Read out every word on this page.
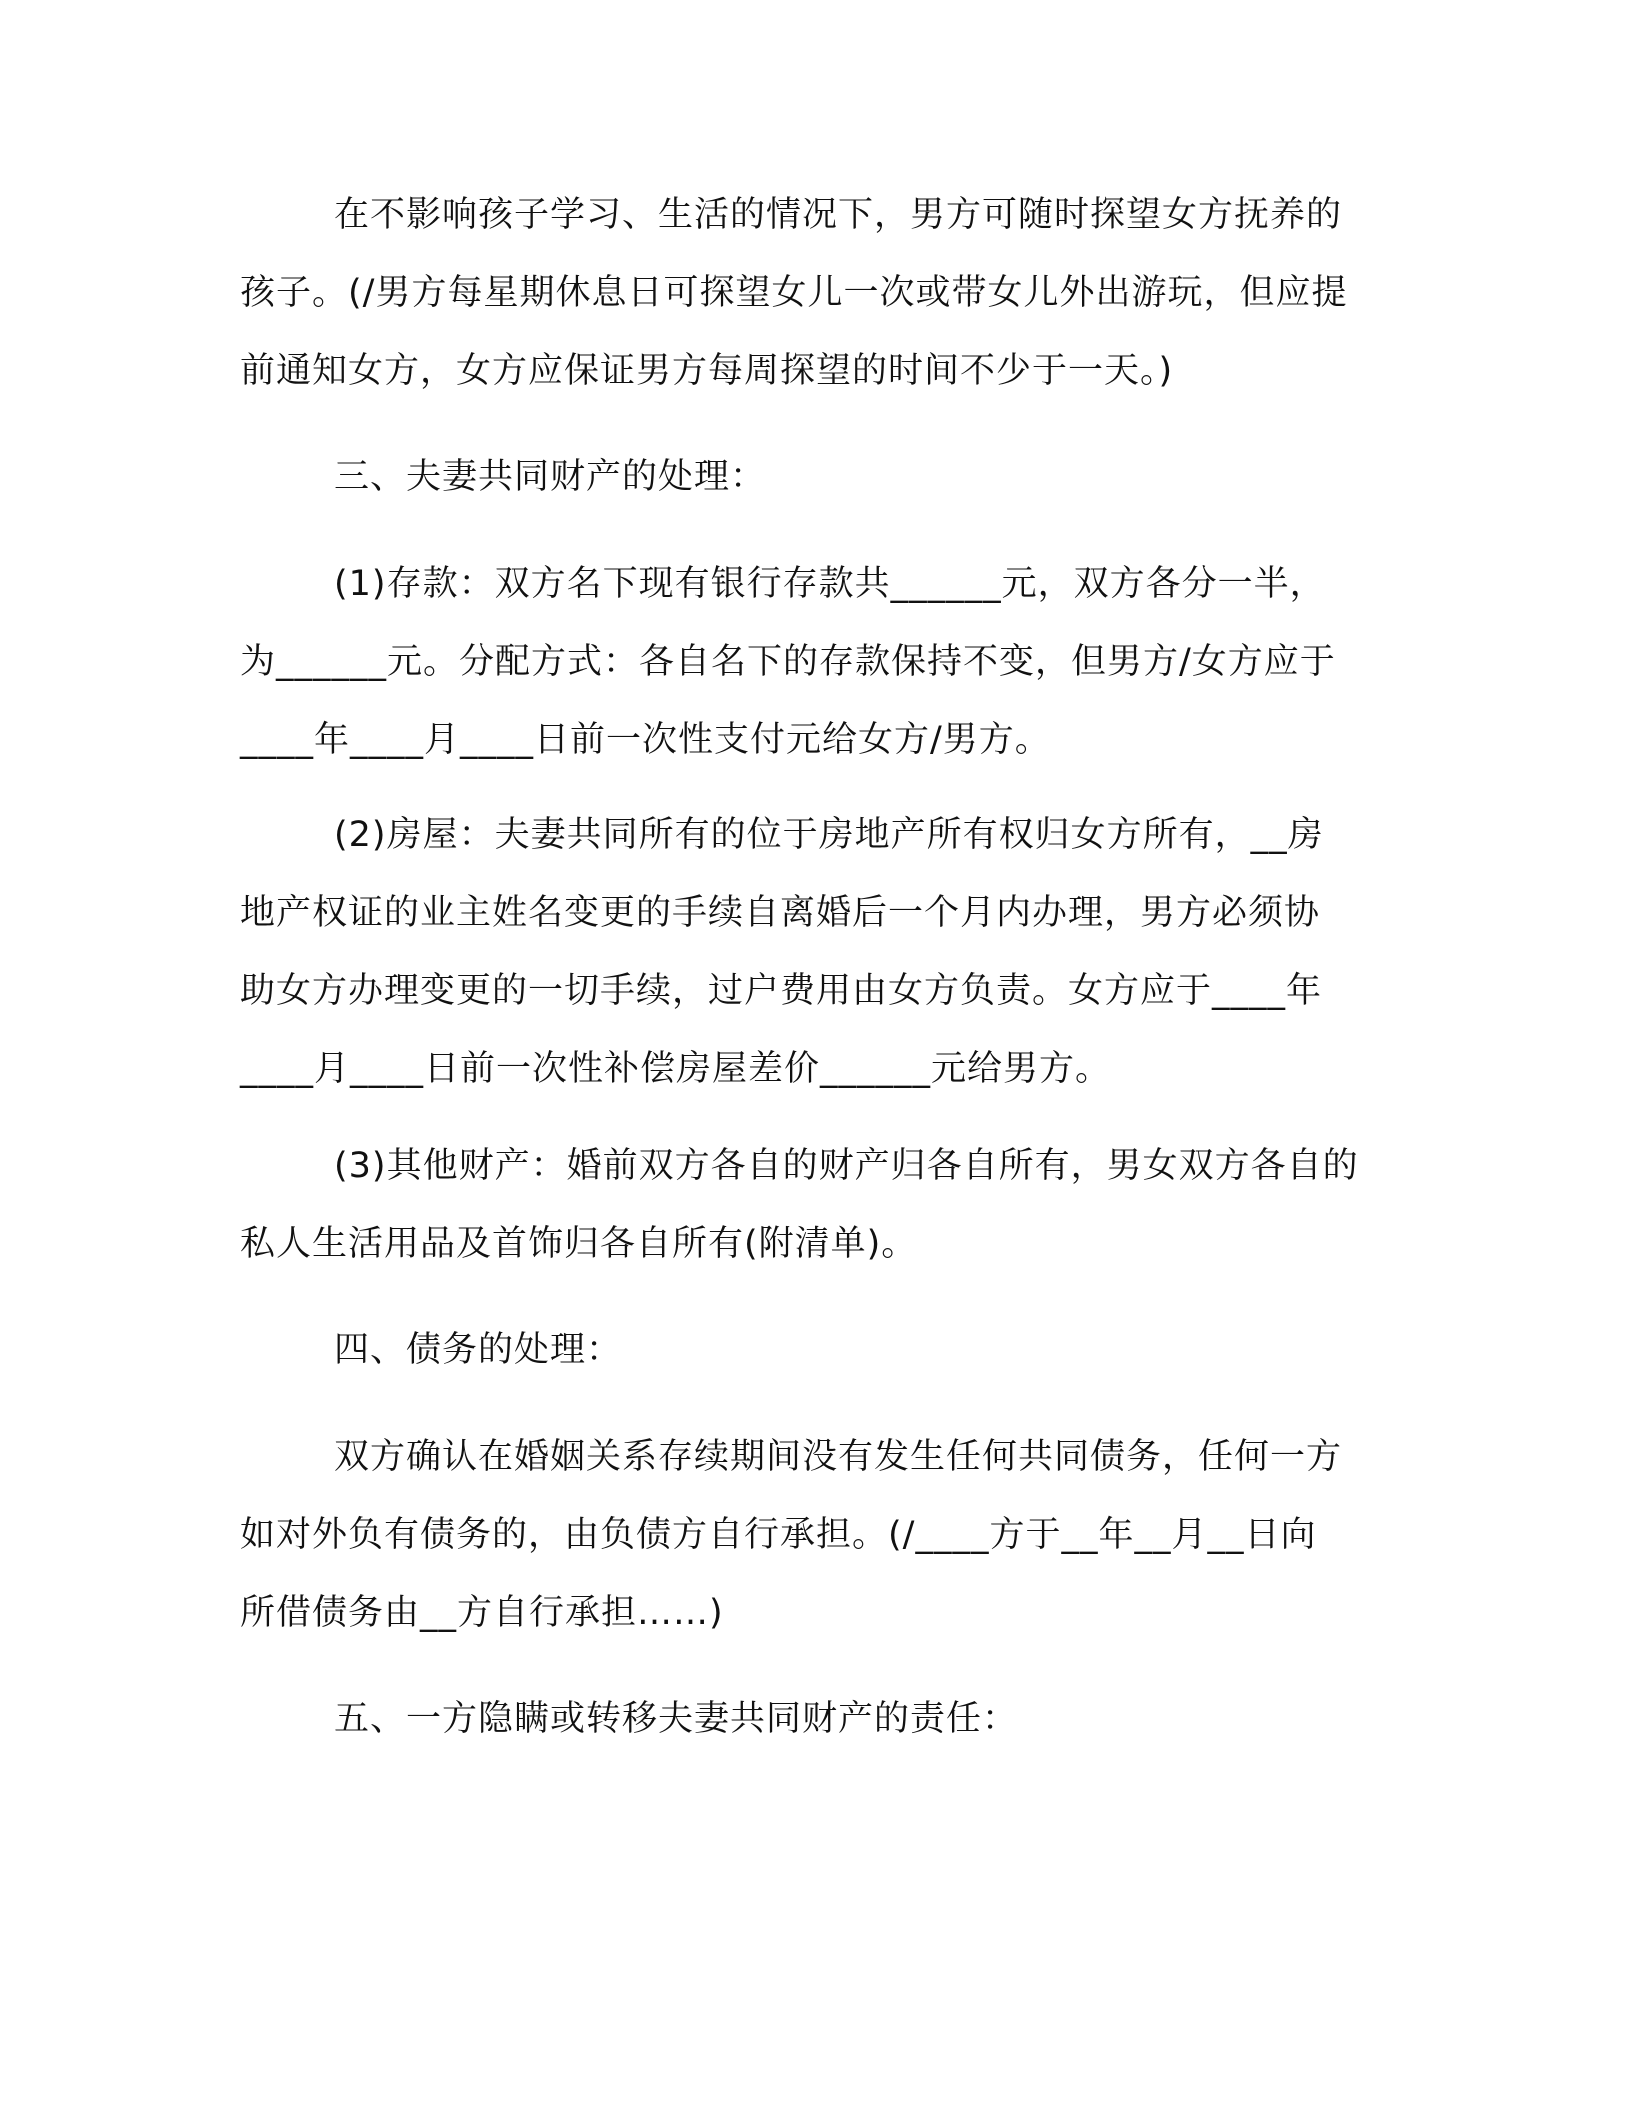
在不影响孩子学习、生活的情况下，男方可随时探望女方抚养的
孩子。(/男方每星期休息日可探望女儿一次或带女儿外出游玩，但应提
前通知女方，女方应保证男方每周探望的时间不少于一天。)
三、夫妻共同财产的处理：
(1)存款：双方名下现有银行存款共______元，双方各分一半，
为______元。分配方式：各自名下的存款保持不变，但男方/女方应于
____年____月____日前一次性支付元给女方/男方。
(2)房屋：夫妻共同所有的位于房地产所有权归女方所有，__房
地产权证的业主姓名变更的手续自离婚后一个月内办理，男方必须协
助女方办理变更的一切手续，过户费用由女方负责。女方应于____年
____月____日前一次性补偿房屋差价______元给男方。
(3)其他财产：婚前双方各自的财产归各自所有，男女双方各自的
私人生活用品及首饰归各自所有(附清单)。
四、债务的处理：
双方确认在婚姻关系存续期间没有发生任何共同债务，任何一方
如对外负有债务的，由负债方自行承担。(/____方于__年__月__日向
所借债务由__方自行承担……)
五、一方隐瞒或转移夫妻共同财产的责任：
